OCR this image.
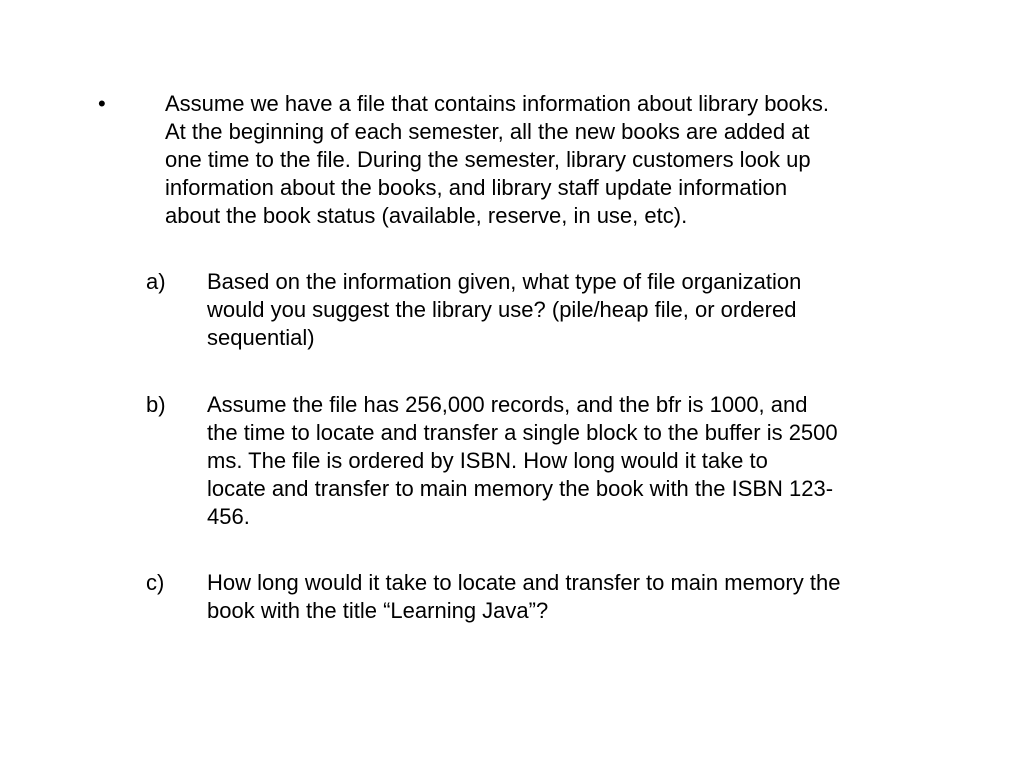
•	Assume we have a file that contains information about library books.
At the beginning of each semester, all the new books are added at
one time to the file. During the semester, library customers look up
information about the books, and library staff update information
about the book status (available, reserve, in use, etc).
a) Based on the information given, what type of file organization
would you suggest the library use? (pile/heap file, or ordered
sequential)
b) Assume the file has 256,000 records, and the bfr is 1000, and
the time to locate and transfer a single block to the buffer is 2500
ms. The file is ordered by ISBN. How long would it take to
locate and transfer to main memory the book with the ISBN 123-
456.
c) How long would it take to locate and transfer to main memory the
book with the title “Learning Java”?
